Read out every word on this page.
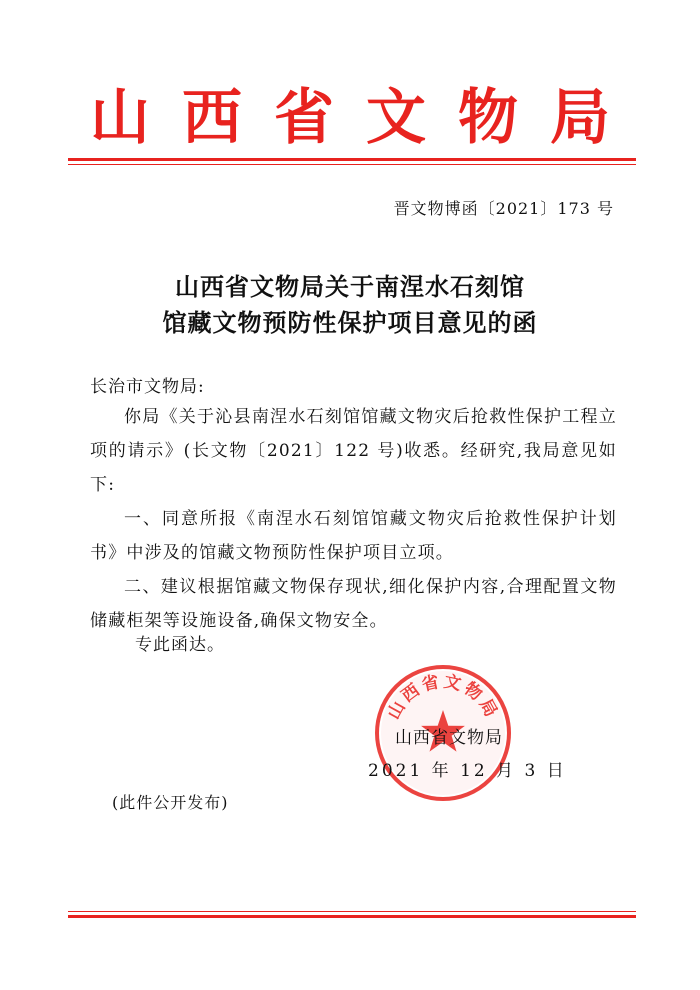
山西省文物局
晋文物博函〔2021〕173 号
山西省文物局关于南涅水石刻馆
馆藏文物预防性保护项目意见的函
长治市文物局:

你局《关于沁县南涅水石刻馆馆藏文物灾后抢救性保护工程立项的请示》(长文物〔2021〕122 号)收悉。经研究,我局意见如下:

一、同意所报《南涅水石刻馆馆藏文物灾后抢救性保护计划书》中涉及的馆藏文物预防性保护项目立项。

二、建议根据馆藏文物保存现状,细化保护内容,合理配置文物储藏柜架等设施设备,确保文物安全。

专此函达。
山西省文物局
山西省文物局
2021 年 12 月 3 日
(此件公开发布)
